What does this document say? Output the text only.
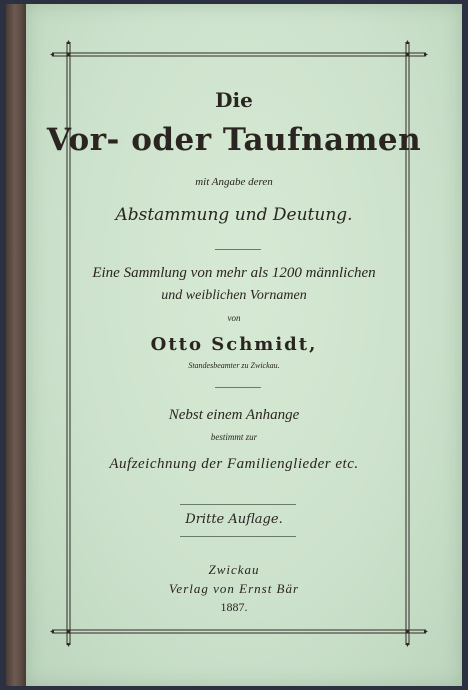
Die
Vor- oder Taufnamen
mit Angabe deren
Abstammung und Deutung.
Eine Sammlung von mehr als 1200 männlichen
und weiblichen Vornamen
von
Otto Schmidt,
Standesbeamter zu Zwickau.
Nebst einem Anhange
bestimmt zur
Aufzeichnung der Familienglieder etc.
Dritte Auflage.
Zwickau
Verlag von Ernst Bär
1887.
